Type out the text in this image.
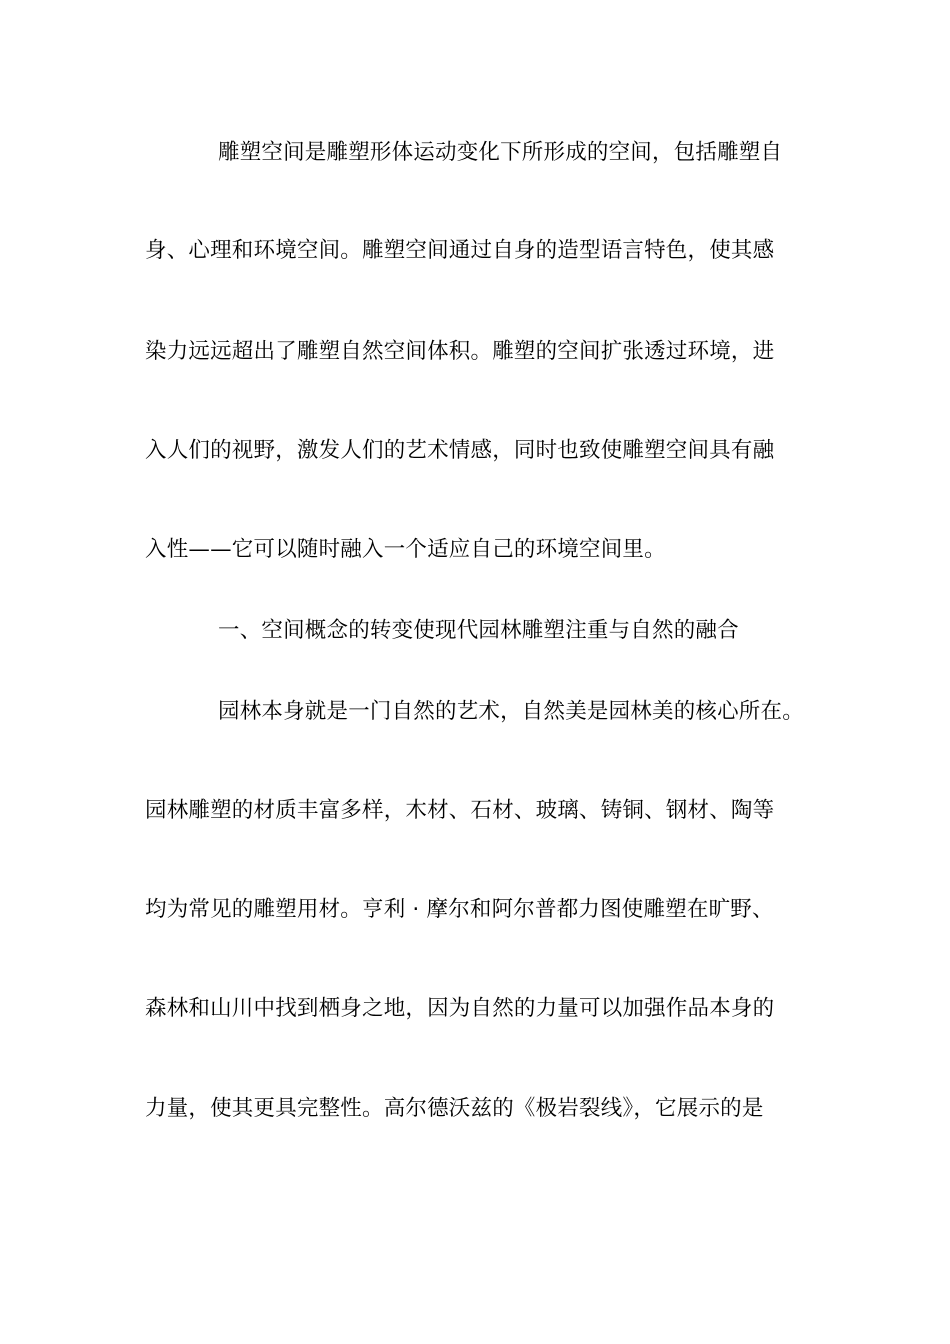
雕塑空间是雕塑形体运动变化下所形成的空间，包括雕塑自
身、心理和环境空间。雕塑空间通过自身的造型语言特色，使其感
染力远远超出了雕塑自然空间体积。雕塑的空间扩张透过环境，进
入人们的视野，激发人们的艺术情感，同时也致使雕塑空间具有融
入性——它可以随时融入一个适应自己的环境空间里。
一、空间概念的转变使现代园林雕塑注重与自然的融合
园林本身就是一门自然的艺术，自然美是园林美的核心所在。
园林雕塑的材质丰富多样，木材、石材、玻璃、铸铜、钢材、陶等
均为常见的雕塑用材。亨利 · 摩尔和阿尔普都力图使雕塑在旷野、
森林和山川中找到栖身之地，因为自然的力量可以加强作品本身的
力量，使其更具完整性。高尔德沃兹的《极岩裂线》，它展示的是
